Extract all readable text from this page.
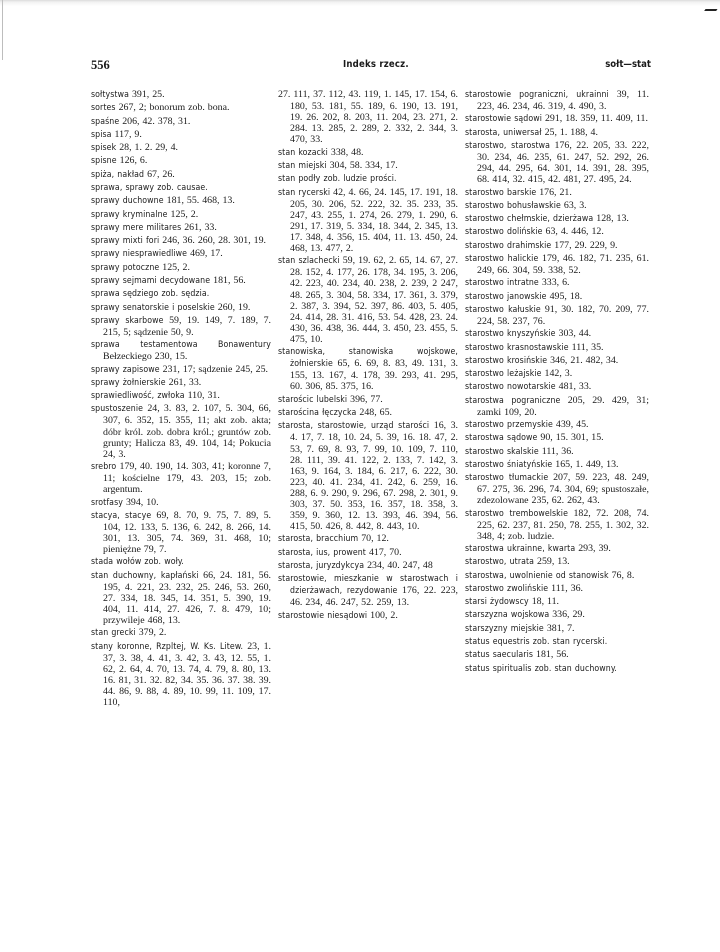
556	Indeks rzecz.	sołt—stat
sołtystwa 391, 25.
sortes 267, 2; bonorum zob. bona.
spaśne 206, 42. 378, 31.
spisa 117, 9.
spisek 28, 1. 2. 29, 4.
spisne 126, 6.
spiża, nakład 67, 26.
sprawa, sprawy zob. causae.
sprawy duchowne 181, 55. 468, 13.
sprawy kryminalne 125, 2.
sprawy mere militares 261, 33.
sprawy mixti fori 246, 36. 260, 28. 301, 19.
sprawy niesprawiedliwe 469, 17.
sprawy potoczne 125, 2.
sprawy sejmami decydowane 181, 56.
sprawa sędziego zob. sędzia.
sprawy senatorskie i poselskie 260, 19.
sprawy skarbowe 59, 19. 149, 7. 189, 7. 215, 5; sądzenie 50, 9.
sprawa testamentowa Bonawentury Bełzeckiego 230, 15.
sprawy zapisowe 231, 17; sądzenie 245, 25.
sprawy żołnierskie 261, 33.
sprawiedliwość, zwłoka 110, 31.
spustoszenie 24, 3. 83, 2. 107, 5. 304, 66, 307, 6. 352, 15. 355, 11; akt zob. akta; dóbr król. zob. dobra król.; gruntów zob. grunty; Halicza 83, 49. 104, 14; Pokucia 24, 3.
srebro 179, 40. 190, 14. 303, 41; koronne 7, 11; kościelne 179, 43. 203, 15; zob. argentum.
srotfasy 394, 10.
stacya, stacye 69, 8. 70, 9. 75, 7. 89, 5. 104, 12. 133, 5. 136, 6. 242, 8. 266, 14. 301, 13. 305, 74. 369, 31. 468, 10; pieniężne 79, 7.
stada wołów zob. woły.
stan duchowny, kapłański 66, 24. 181, 56. 195, 4. 221, 23. 232, 25. 246, 53. 260, 27. 334, 18. 345, 14. 351, 5. 390, 19. 404, 11. 414, 27. 426, 7. 8. 479, 10; przywileje 468, 13.
stan grecki 379, 2.
stany koronne, Rzpltej, W. Ks. Litew. 23, 1. 37, 3. 38, 4. 41, 3. 42, 3. 43, 12. 55, 1. 62, 2. 64, 4. 70, 13. 74, 4. 79, 8. 80, 13. 16. 81, 31. 32. 82, 34. 35. 36. 37. 38. 39. 44. 86, 9. 88, 4. 89, 10. 99, 11. 109, 17. 110,
27. 111, 37. 112, 43. 119, 1. 145, 17. 154, 6. 180, 53. 181, 55. 189, 6. 190, 13. 191, 19. 26. 202, 8. 203, 11. 204, 23. 271, 2. 284. 13. 285, 2. 289, 2. 332, 2. 344, 3. 470, 33.
stan kozacki 338, 48.
stan miejski 304, 58. 334, 17.
stan podły zob. ludzie prości.
stan rycerski 42, 4. 66, 24. 145, 17. 191, 18. 205, 30. 206, 52. 222, 32. 35. 233, 35. 247, 43. 255, 1. 274, 26. 279, 1. 290, 6. 291, 17. 319, 5. 334, 18. 344, 2. 345, 13. 17. 348, 4. 356, 15. 404, 11. 13. 450, 24. 468, 13. 477, 2.
stan szlachecki 59, 19. 62, 2. 65, 14. 67, 27. 28. 152, 4. 177, 26. 178, 34. 195, 3. 206, 42. 223, 40. 234, 40. 238, 2. 239, 2 247, 48. 265, 3. 304, 58. 334, 17. 361, 3. 379, 2. 387, 3. 394, 52. 397, 86. 403, 5. 405, 24. 414, 28. 31. 416, 53. 54. 428, 23. 24. 430, 36. 438, 36. 444, 3. 450, 23. 455, 5. 475, 10.
stanowiska, stanowiska wojskowe, żołnierskie 65, 6. 69, 8. 83, 49. 131, 3. 155, 13. 167, 4. 178, 39. 293, 41. 295, 60. 306, 85. 375, 16.
starościc lubelski 396, 77.
starościna łęczycka 248, 65.
starosta, starostowie, urząd starości 16, 3. 4. 17, 7. 18, 10. 24, 5. 39, 16. 18. 47, 2. 53, 7. 69, 8. 93, 7. 99, 10. 109, 7. 110, 28. 111, 39. 41. 122, 2. 133, 7. 142, 3. 163, 9. 164, 3. 184, 6. 217, 6. 222, 30. 223, 40. 41. 234, 41. 242, 6. 259, 16. 288, 6. 9. 290, 9. 296, 67. 298, 2. 301, 9. 303, 37. 50. 353, 16. 357, 18. 358, 3. 359, 9. 360, 12. 13. 393, 46. 394, 56. 415, 50. 426, 8. 442, 8. 443, 10.
starosta, bracchium 70, 12.
starosta, ius, prowent 417, 70.
starosta, juryzdykcya 234, 40. 247, 48
starostowie, mieszkanie w starostwach i dzierżawach, rezydowanie 176, 22. 223, 46. 234, 46. 247, 52. 259, 13.
starostowie niesądowi 100, 2.
starostowie pograniczni, ukrainni 39, 11. 223, 46. 234, 46. 319, 4. 490, 3.
starostowie sądowi 291, 18. 359, 11. 409, 11.
starosta, uniwersał 25, 1. 188, 4.
starostwo, starostwa 176, 22. 205, 33. 222, 30. 234, 46. 235, 61. 247, 52. 292, 26. 294, 44. 295, 64. 301, 14. 391, 28. 395, 68. 414, 32. 415, 42. 481, 27. 495, 24.
starostwo barskie 176, 21.
starostwo bohusławskie 63, 3.
starostwo chełmskie, dzierżawa 128, 13.
starostwo dolińskie 63, 4. 446, 12.
starostwo drahimskie 177, 29. 229, 9.
starostwo halickie 179, 46. 182, 71. 235, 61. 249, 66. 304, 59. 338, 52.
starostwo intratne 333, 6.
starostwo janowskie 495, 18.
starostwo kałuskie 91, 30. 182, 70. 209, 77. 224, 58. 237, 76.
starostwo knyszyńskie 303, 44.
starostwo krasnostawskie 111, 35.
starostwo krosińskie 346, 21. 482, 34.
starostwo leżajskie 142, 3.
starostwo nowotarskie 481, 33.
starostwa pograniczne 205, 29. 429, 31; zamki 109, 20.
starostwo przemyskie 439, 45.
starostwa sądowe 90, 15. 301, 15.
starostwo skalskie 111, 36.
starostwo śniatyńskie 165, 1. 449, 13.
starostwo tłumackie 207, 59. 223, 48. 249, 67. 275, 36. 296, 74. 304, 69; spustoszałe, zdezolowane 235, 62. 262, 43.
starostwo trembowelskie 182, 72. 208, 74. 225, 62. 237, 81. 250, 78. 255, 1. 302, 32. 348, 4; zob. ludzie.
starostwa ukrainne, kwarta 293, 39.
starostwo, utrata 259, 13.
starostwa, uwolnienie od stanowisk 76, 8.
starostwo zwolińskie 111, 36.
starsi żydowscy 18, 11.
starszyzna wojskowa 336, 29.
starszyzny miejskie 381, 7.
status equestris zob. stan rycerski.
status saecularis 181, 56.
status spiritualis zob. stan duchowny.
